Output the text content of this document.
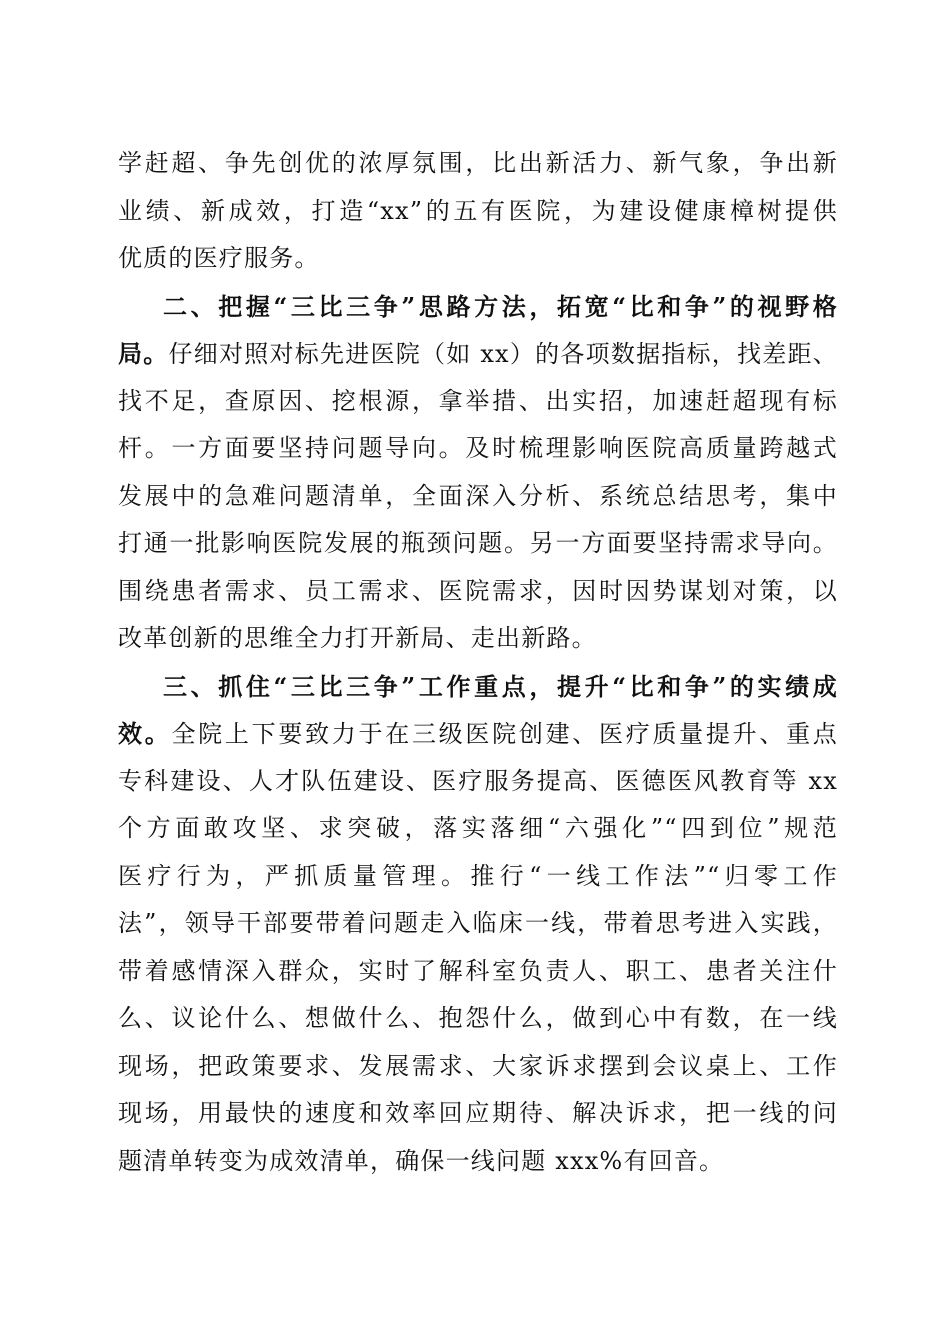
学赶超、争先创优的浓厚氛围，比出新活力、新气象，争出新
业绩、新成效，打造“xx”的五有医院，为建设健康樟树提供
优质的医疗服务。
二、把握“三比三争”思路方法，拓宽“比和争”的视野格
局。仔细对照对标先进医院（如 xx）的各项数据指标，找差距、
找不足，查原因、挖根源，拿举措、出实招，加速赶超现有标
杆。一方面要坚持问题导向。及时梳理影响医院高质量跨越式
发展中的急难问题清单，全面深入分析、系统总结思考，集中
打通一批影响医院发展的瓶颈问题。另一方面要坚持需求导向。
围绕患者需求、员工需求、医院需求，因时因势谋划对策，以
改革创新的思维全力打开新局、走出新路。
三、抓住“三比三争”工作重点，提升“比和争”的实绩成
效。全院上下要致力于在三级医院创建、医疗质量提升、重点
专科建设、人才队伍建设、医疗服务提高、医德医风教育等 xx
个方面敢攻坚、求突破，落实落细“六强化”“四到位”规范
医疗行为，严抓质量管理。推行“一线工作法”“归零工作
法”，领导干部要带着问题走入临床一线，带着思考进入实践，
带着感情深入群众，实时了解科室负责人、职工、患者关注什
么、议论什么、想做什么、抱怨什么，做到心中有数，在一线
现场，把政策要求、发展需求、大家诉求摆到会议桌上、工作
现场，用最快的速度和效率回应期待、解决诉求，把一线的问
题清单转变为成效清单，确保一线问题 xxx%有回音。
